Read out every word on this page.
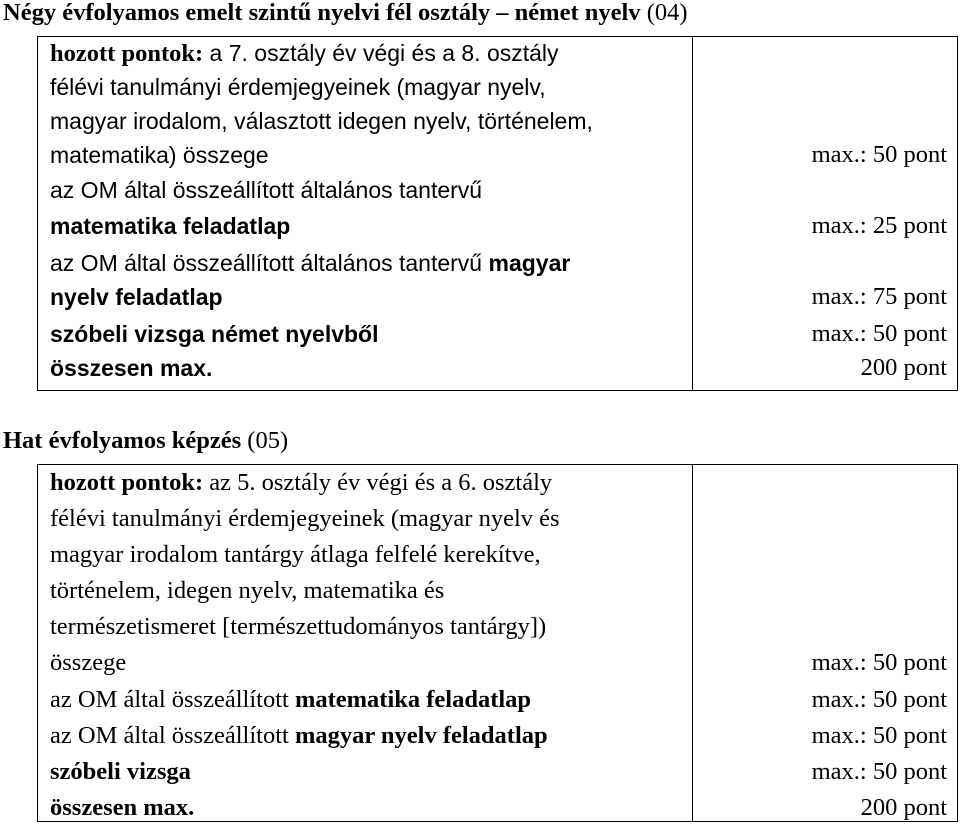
Négy évfolyamos emelt szintű nyelvi fél osztály – német nyelv (04)
hozott pontok: a 7. osztály év végi és a 8. osztály
félévi tanulmányi érdemjegyeinek (magyar nyelv,
magyar irodalom, választott idegen nyelv, történelem,
matematika) összege
az OM által összeállított általános tantervű
matematika feladatlap
az OM által összeállított általános tantervű magyar
nyelv feladatlap
szóbeli vizsga német nyelvből
összesen max.
max.: 50 pont
max.: 25 pont
max.: 75 pont
max.: 50 pont
200 pont
Hat évfolyamos képzés (05)
hozott pontok: az 5. osztály év végi és a 6. osztály
félévi tanulmányi érdemjegyeinek (magyar nyelv és
magyar irodalom tantárgy átlaga felfelé kerekítve,
történelem, idegen nyelv, matematika és
természetismeret [természettudományos tantárgy])
összege
az OM által összeállított matematika feladatlap
az OM által összeállított magyar nyelv feladatlap
szóbeli vizsga
összesen max.
max.: 50 pont
max.: 50 pont
max.: 50 pont
max.: 50 pont
200 pont
